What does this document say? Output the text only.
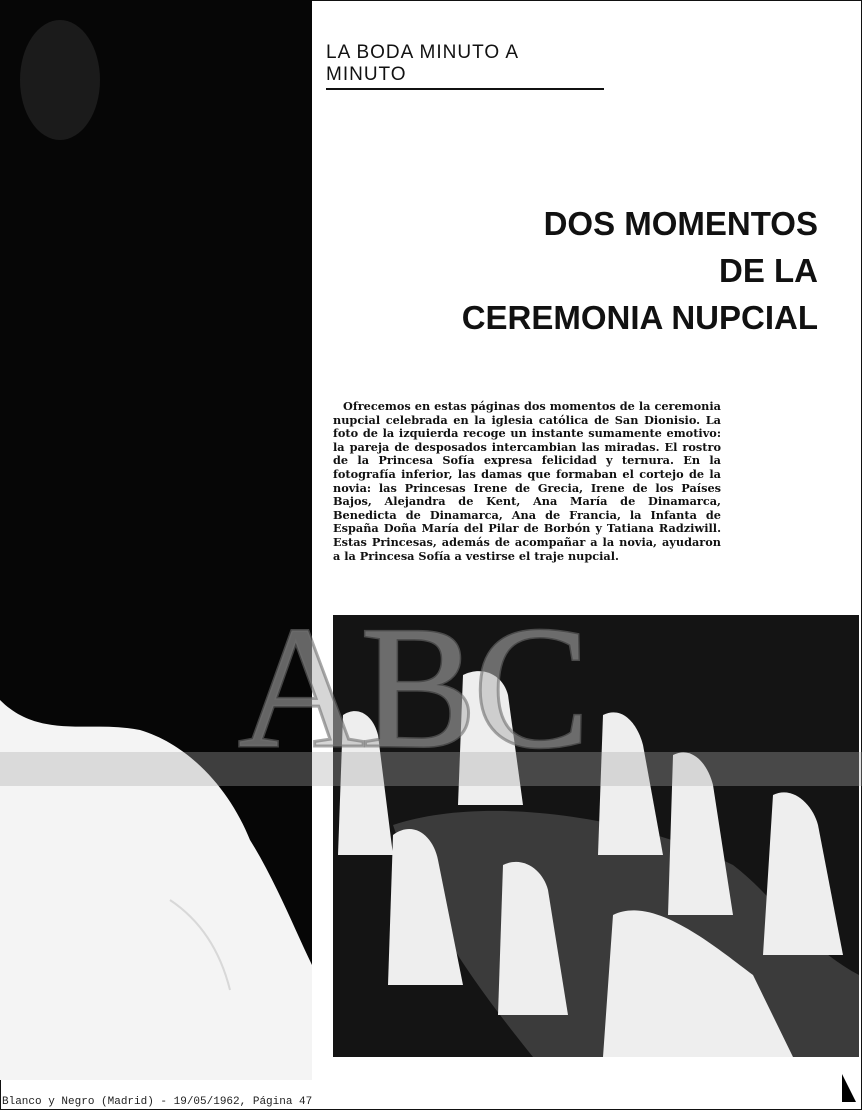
LA BODA MINUTO A MINUTO
DOS MOMENTOS
DE LA
CEREMONIA NUPCIAL
Ofrecemos en estas páginas dos momentos de la ceremonia nupcial celebrada en la iglesia católica de San Dionisio. La foto de la izquierda recoge un instante sumamente emotivo: la pareja de desposados intercambian las miradas. El rostro de la Princesa Sofía expresa felicidad y ternura. En la fotografía inferior, las damas que formaban el cortejo de la novia: las Princesas Irene de Grecia, Irene de los Países Bajos, Alejandra de Kent, Ana María de Dinamarca, Benedicta de Dinamarca, Ana de Francia, la Infanta de España Doña María del Pilar de Borbón y Tatiana Radziwill. Estas Princesas, además de acompañar a la novia, ayudaron a la Princesa Sofía a vestirse el traje nupcial.
ABC
Blanco y Negro (Madrid) - 19/05/1962, Página 47
